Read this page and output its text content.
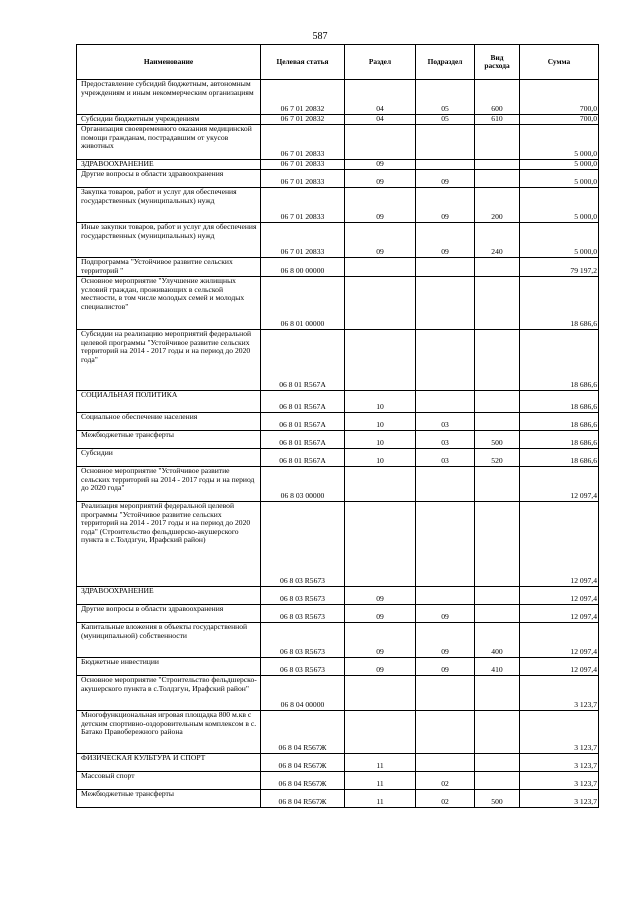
587
Наименование	Целевая статья	Раздел	Подраздел	Вид расхода	Сумма
Предоставление субсидий бюджетным, автономным учреждениям и иным некоммерческим организациям	06 7 01 20832	04	05	600	700,0
Субсидии бюджетным учреждениям	06 7 01 20832	04	05	610	700,0
Организация своевременного оказания медицинской помощи гражданам, пострадавшим от укусов животных	06 7 01 20833				5 000,0
ЗДРАВООХРАНЕНИЕ	06 7 01 20833	09			5 000,0
Другие вопросы в области здравоохранения	06 7 01 20833	09	09		5 000,0
Закупка товаров, работ и услуг для обеспечения государственных (муниципальных) нужд	06 7 01 20833	09	09	200	5 000,0
Иные закупки товаров, работ и услуг для обеспечения государственных (муниципальных) нужд	06 7 01 20833	09	09	240	5 000,0
Подпрограмма "Устойчивое развитие сельских территорий "	06 8 00 00000				79 197,2
Основное мероприятие "Улучшение жилищных условий граждан, проживающих в сельской местности, в том числе молодых семей и молодых специалистов"	06 8 01 00000				18 686,6
Субсидии на реализацию мероприятий федеральной целевой программы "Устойчивое развитие сельских территорий на 2014 - 2017 годы и на период до 2020 года"	06 8 01 R567A				18 686,6
СОЦИАЛЬНАЯ ПОЛИТИКА	06 8 01 R567A	10			18 686,6
Социальное обеспечение населения	06 8 01 R567A	10	03		18 686,6
Межбюджетные трансферты	06 8 01 R567A	10	03	500	18 686,6
Субсидии	06 8 01 R567A	10	03	520	18 686,6
Основное мероприятие "Устойчивое развитие сельских территорий на 2014 - 2017 годы и на период до 2020 года"	06 8 03 00000				12 097,4
Реализация мероприятий федеральной целевой программы "Устойчивое развитие сельских территорий на 2014 - 2017 годы и на период до 2020 года" (Строительство фельдшерско-акушерского пункта в с.Толдзгун, Ирафский район)	06 8 03 R5673				12 097,4
ЗДРАВООХРАНЕНИЕ	06 8 03 R5673	09			12 097,4
Другие вопросы в области здравоохранения	06 8 03 R5673	09	09		12 097,4
Капитальные вложения в объекты государственной (муниципальной) собственности	06 8 03 R5673	09	09	400	12 097,4
Бюджетные инвестиции	06 8 03 R5673	09	09	410	12 097,4
Основное мероприятие "Строительство фельдшерско-акушерского пункта в с.Толдзгун, Ирафский район"	06 8 04 00000				3 123,7
Многофункциональная игровая площадка 800 м.кв с детским спортивно-оздоровительным комплексом в с. Батако Правобережного района	06 8 04 R567Ж				3 123,7
ФИЗИЧЕСКАЯ КУЛЬТУРА И СПОРТ	06 8 04 R567Ж	11			3 123,7
Массовый спорт	06 8 04 R567Ж	11	02		3 123,7
Межбюджетные трансферты	06 8 04 R567Ж	11	02	500	3 123,7
